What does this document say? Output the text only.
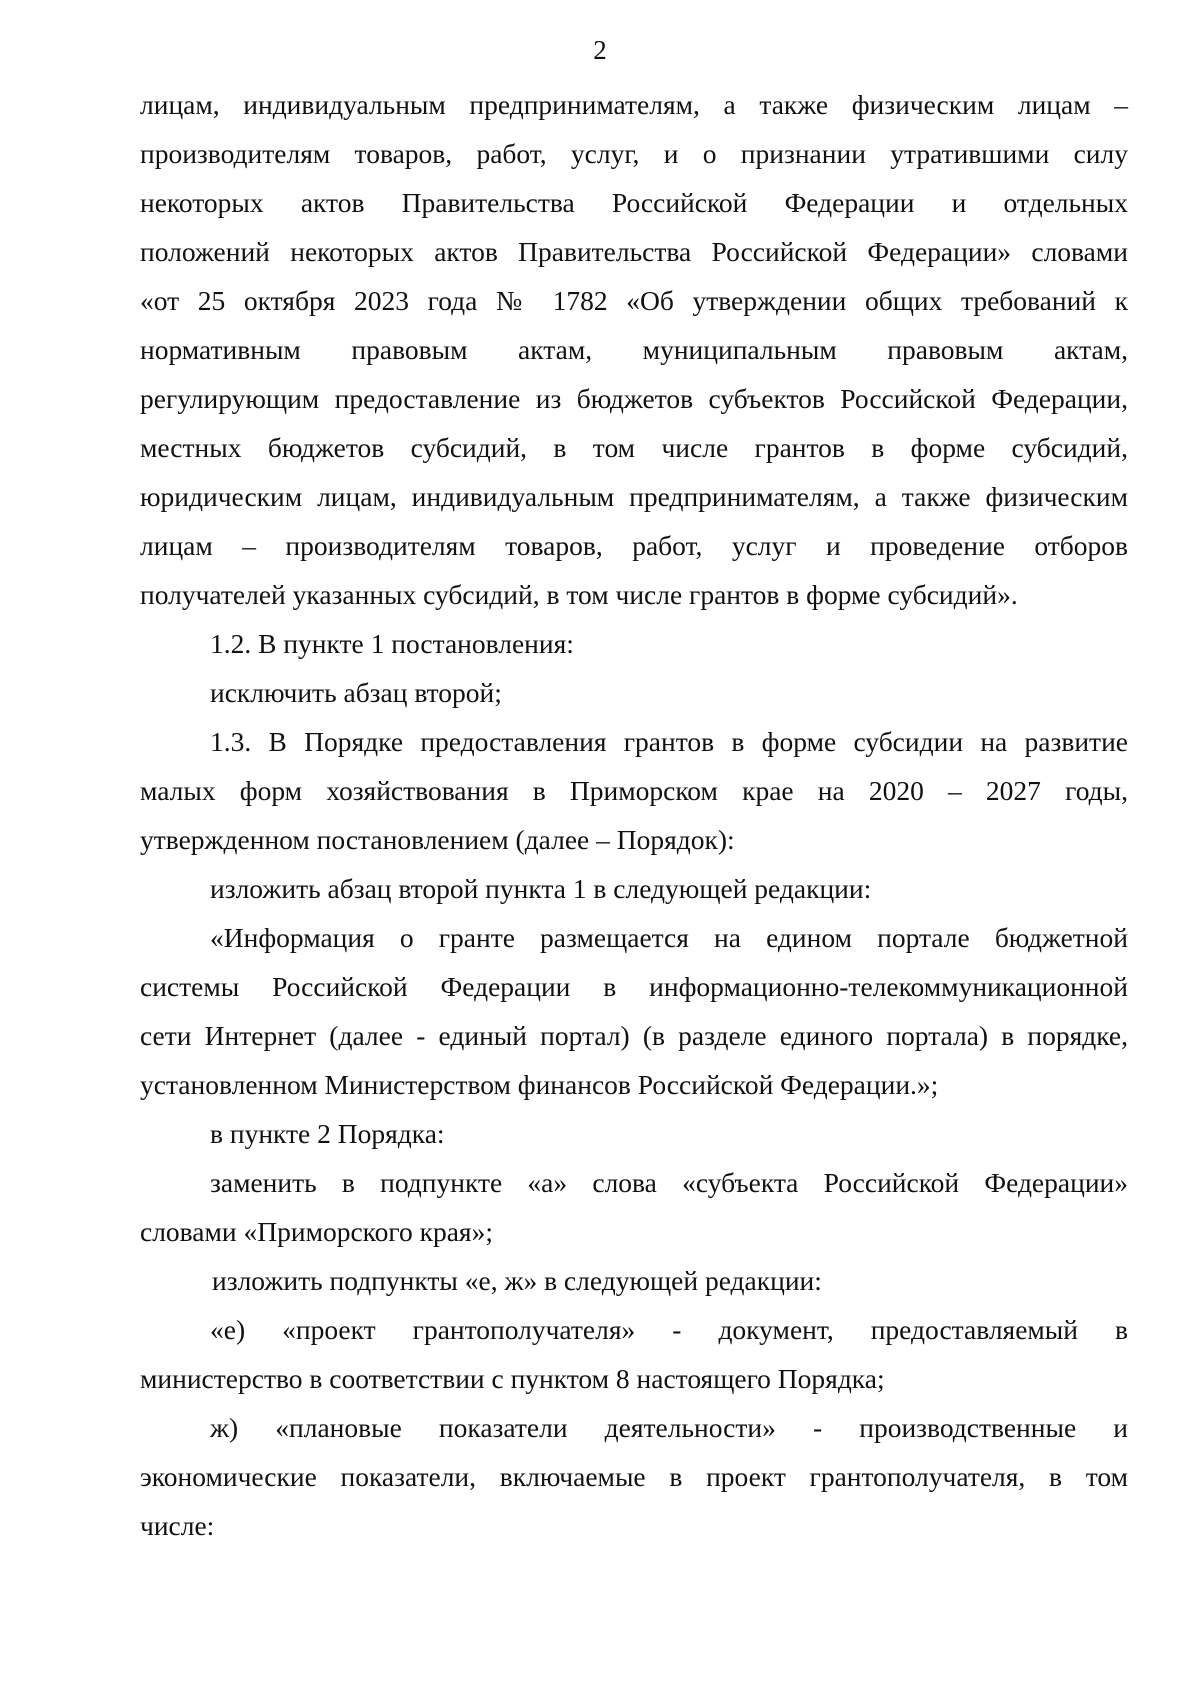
2
лицам, индивидуальным предпринимателям, а также физическим лицам –
производителям товаров, работ, услуг, и о признании утратившими силу
некоторых актов Правительства Российской Федерации и отдельных
положений некоторых актов Правительства Российской Федерации» словами
«от 25 октября 2023 года № 1782 «Об утверждении общих требований к
нормативным правовым актам, муниципальным правовым актам,
регулирующим предоставление из бюджетов субъектов Российской Федерации,
местных бюджетов субсидий, в том числе грантов в форме субсидий,
юридическим лицам, индивидуальным предпринимателям, а также физическим
лицам – производителям товаров, работ, услуг и проведение отборов
получателей указанных субсидий, в том числе грантов в форме субсидий».
1.2. В пункте 1 постановления:
исключить абзац второй;
1.3. В Порядке предоставления грантов в форме субсидии на развитие
малых форм хозяйствования в Приморском крае на 2020 – 2027 годы,
утвержденном постановлением (далее – Порядок):
изложить абзац второй пункта 1 в следующей редакции:
«Информация о гранте размещается на едином портале бюджетной
системы Российской Федерации в информационно-телекоммуникационной
сети Интернет (далее - единый портал) (в разделе единого портала) в порядке,
установленном Министерством финансов Российской Федерации.»;
в пункте 2 Порядка:
заменить в подпункте «а» слова «субъекта Российской Федерации»
словами «Приморского края»;
изложить подпункты «е, ж» в следующей редакции:
«е) «проект грантополучателя» - документ, предоставляемый в
министерство в соответствии с пунктом 8 настоящего Порядка;
ж) «плановые показатели деятельности» - производственные и
экономические показатели, включаемые в проект грантополучателя, в том
числе:
